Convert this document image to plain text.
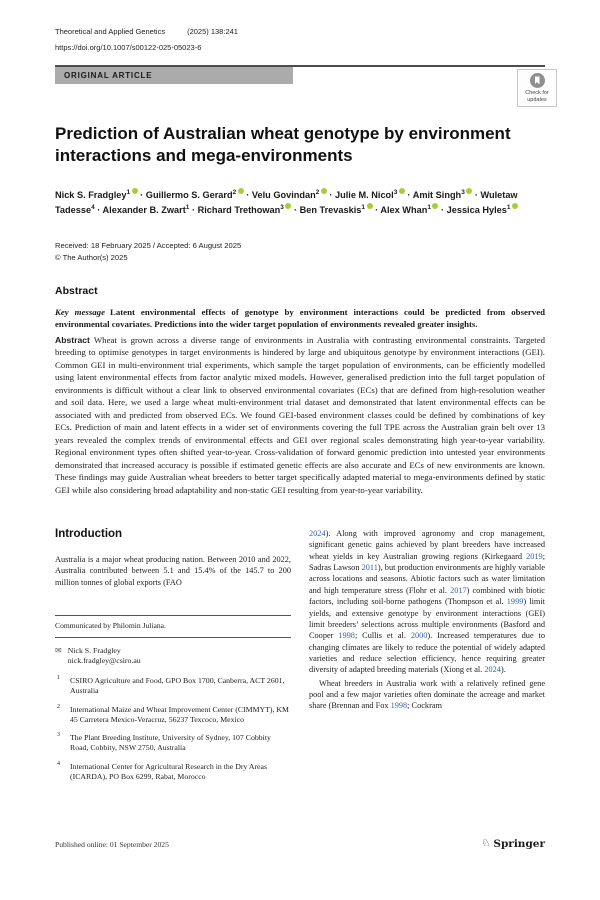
Theoretical and Applied Genetics	(2025) 138:241
https://doi.org/10.1007/s00122-025-05023-6
ORIGINAL ARTICLE
Check for
updates
Prediction of Australian wheat genotype by environment interactions and mega-environments
Nick S. Fradgley$^1$ · Guillermo S. Gerard$^2$ · Velu Govindan$^2$ · Julie M. Nicol$^3$ · Amit Singh$^3$ · Wuletaw Tadesse$^4$ · Alexander B. Zwart$^1$ · Richard Trethowan$^3$ · Ben Trevaskis$^1$ · Alex Whan$^1$ · Jessica Hyles$^1$
Received: 18 February 2025 / Accepted: 6 August 2025
© The Author(s) 2025
Abstract

Key message Latent environmental effects of genotype by environment interactions could be predicted from observed environmental covariates. Predictions into the wider target population of environments revealed greater insights.

Abstract Wheat is grown across a diverse range of environments in Australia with contrasting environmental constraints. Targeted breeding to optimise genotypes in target environments is hindered by large and ubiquitous genotype by environment interactions (GEI). Common GEI in multi-environment trial experiments, which sample the target population of environments, can be efficiently modelled using latent environmental effects from factor analytic mixed models. However, generalised prediction into the full target population of environments is difficult without a clear link to observed environmental covariates (ECs) that are defined from high-resolution weather and soil data. Here, we used a large wheat multi-environment trial dataset and demonstrated that latent environmental effects can be associated with and predicted from observed ECs. We found GEI-based environment classes could be defined by combinations of key ECs. Prediction of main and latent effects in a wider set of environments covering the full TPE across the Australian grain belt over 13 years revealed the complex trends of environmental effects and GEI over regional scales demonstrating high year-to-year variability. Regional environment types often shifted year-to-year. Cross-validation of forward genomic prediction into untested year environments demonstrated that increased accuracy is possible if estimated genetic effects are also accurate and ECs of new environments are known. These findings may guide Australian wheat breeders to better target specifically adapted material to mega-environments defined by static GEI while also considering broad adaptability and non-static GEI resulting from year-to-year variability.

Introduction

Australia is a major wheat producing nation. Between 2010 and 2022, Australia contributed between 5.1 and 15.4% of the 145.7 to 200 million tonnes of global exports (FAO

Communicated by Philomin Juliana.
✉ Nick S. Fradgley
nick.fradgley@csiro.au
1 CSIRO Agriculture and Food, GPO Box 1700, Canberra, ACT 2601, Australia
2 International Maize and Wheat Improvement Center (CIMMYT), KM 45 Carretera Mexico-Veracruz, 56237 Texcoco, Mexico
3 The Plant Breeding Institute, University of Sydney, 107 Cobbity Road, Cobbity, NSW 2750, Australia
4 International Center for Agricultural Research in the Dry Areas (ICARDA), PO Box 6299, Rabat, Morocco

2024). Along with improved agronomy and crop management, significant genetic gains achieved by plant breeders have increased wheat yields in key Australian growing regions (Kirkegaard 2019; Sadras Lawson 2011), but production environments are highly variable across locations and seasons. Abiotic factors such as water limitation and high temperature stress (Flohr et al. 2017) combined with biotic factors, including soil-borne pathogens (Thompson et al. 1999) limit yields, and extensive genotype by environment interactions (GEI) limit breeders’ selections across multiple environments (Basford and Cooper 1998; Cullis et al. 2000). Increased temperatures due to changing climates are likely to reduce the potential of widely adapted varieties and reduce selection efficiency, hence requiring greater diversity of adapted breeding materials (Xiong et al. 2024).

Wheat breeders in Australia work with a relatively refined gene pool and a few major varieties often dominate the acreage and market share (Brennan and Fox 1998; Cockram

Published online: 01 September 2025	♘ Springer
